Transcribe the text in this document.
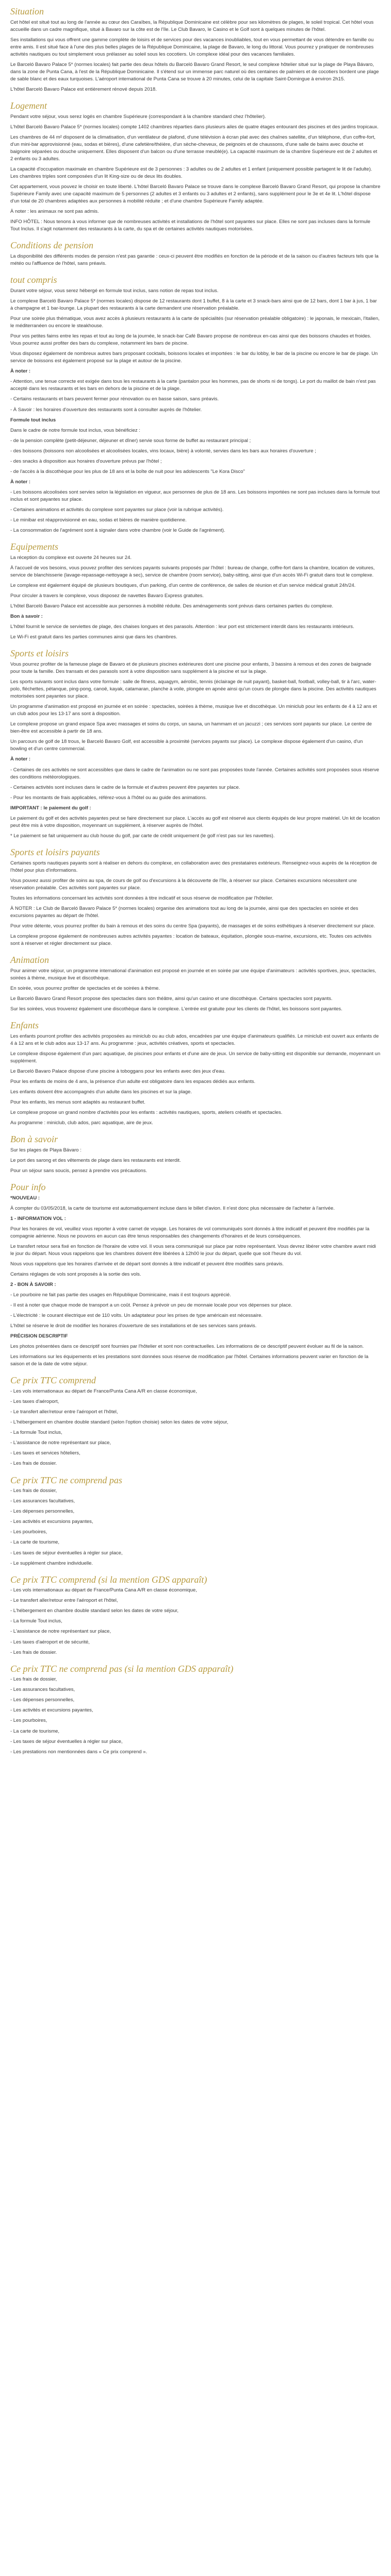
Situation

Cet hôtel est situé tout au long de l'année au cœur des Caraïbes, la République Dominicaine est célèbre pour ses kilomètres de plages, le soleil tropical. Cet hôtel vous accueille dans un cadre magnifique, situé à Bavaro sur la côte est de l'île. Le Club Bavaro, le Casino et le Golf sont à quelques minutes de l'hôtel.

Ses installations qui vous offrent une gamme complète de loisirs et de services pour des vacances inoubliables, tout en vous permettant de vous détendre en famille ou entre amis. Il est situé face à l'une des plus belles plages de la République Dominicaine, la plage de Bavaro, le long du littoral. Vous pourrez y pratiquer de nombreuses activités nautiques ou tout simplement vous prélasser au soleil sous les cocotiers. Un complexe idéal pour des vacances familiales.

Le Barceló Bavaro Palace 5* (normes locales) fait partie des deux hôtels du Barceló Bavaro Grand Resort, le seul complexe hôtelier situé sur la plage de Playa Bávaro, dans la zone de Punta Cana, à l'est de la République Dominicaine. Il s'étend sur un immense parc naturel où des centaines de palmiers et de cocotiers bordent une plage de sable blanc et des eaux turquoises. L'aéroport international de Punta Cana se trouve à 20 minutes, celui de la capitale Saint-Domingue à environ 2h15.

L'hôtel Barceló Bavaro Palace est entièrement rénové depuis 2018.

Logement

Pendant votre séjour, vous serez logés en chambre Supérieure (correspondant à la chambre standard chez l'hôtelier).

L'hôtel Barceló Bavaro Palace 5* (normes locales) compte 1402 chambres réparties dans plusieurs ailes de quatre étages entourant des piscines et des jardins tropicaux.

Les chambres de 44 m² disposent de la climatisation, d'un ventilateur de plafond, d'une télévision à écran plat avec des chaînes satellite, d'un téléphone, d'un coffre-fort, d'un mini-bar approvisionné (eau, sodas et bières), d'une cafetière/théière, d'un sèche-cheveux, de peignoirs et de chaussons, d'une salle de bains avec douche et baignoire séparées ou douche uniquement. Elles disposent d'un balcon ou d'une terrasse meublé(e). La capacité maximum de la chambre Supérieure est de 2 adultes et 2 enfants ou 3 adultes.

La capacité d'occupation maximale en chambre Supérieure est de 3 personnes : 3 adultes ou de 2 adultes et 1 enfant (uniquement possible partagent le lit de l'adulte). Les chambres triples sont composées d'un lit King-size ou de deux lits doubles.

Cet appartement, vous pouvez le choisir en toute liberté. L'hôtel Barceló Bavaro Palace se trouve dans le complexe Barceló Bavaro Grand Resort, qui propose la chambre Supérieure Family avec une capacité maximum de 5 personnes (2 adultes et 3 enfants ou 3 adultes et 2 enfants), sans supplément pour le 3e et 4e lit. L'hôtel dispose d'un total de 20 chambres adaptées aux personnes à mobilité réduite ; et d'une chambre Supérieure Family adaptée.

À noter : les animaux ne sont pas admis.

INFO HÔTEL : Nous tenons à vous informer que de nombreuses activités et installations de l'hôtel sont payantes sur place. Elles ne sont pas incluses dans la formule Tout Inclus. Il s'agit notamment des restaurants à la carte, du spa et de certaines activités nautiques motorisées.

Conditions de pension

La disponibilité des différents modes de pension n'est pas garantie : ceux-ci peuvent être modifiés en fonction de la période et de la saison ou d'autres facteurs tels que la météo ou l'affluence de l'hôtel, sans préavis.

tout compris

Durant votre séjour, vous serez hébergé en formule tout inclus, sans notion de repas tout inclus.

Le complexe Barceló Bavaro Palace 5* (normes locales) dispose de 12 restaurants dont 1 buffet, 8 à la carte et 3 snack-bars ainsi que de 12 bars, dont 1 bar à jus, 1 bar à champagne et 1 bar-lounge. La plupart des restaurants à la carte demandent une réservation préalable.

Pour une soirée plus thématique, vous avez accès à plusieurs restaurants à la carte de spécialités (sur réservation préalable obligatoire) : le japonais, le mexicain, l'italien, le méditerranéen ou encore le steakhouse.

Pour vos petites faims entre les repas et tout au long de la journée, le snack-bar Café Bavaro propose de nombreux en-cas ainsi que des boissons chaudes et froides. Vous pourrez aussi profiter des bars du complexe, notamment les bars de piscine.

Vous disposez également de nombreux autres bars proposant cocktails, boissons locales et importées : le bar du lobby, le bar de la piscine ou encore le bar de plage. Un service de boissons est également proposé sur la plage et autour de la piscine.

À noter :

- Attention, une tenue correcte est exigée dans tous les restaurants à la carte (pantalon pour les hommes, pas de shorts ni de tongs). Le port du maillot de bain n'est pas accepté dans les restaurants et les bars en dehors de la piscine et de la plage.

- Certains restaurants et bars peuvent fermer pour rénovation ou en basse saison, sans préavis.

- À Savoir : les horaires d'ouverture des restaurants sont à consulter auprès de l'hôtelier.

Formule tout inclus

Dans le cadre de notre formule tout inclus, vous bénéficiez :

- de la pension complète (petit-déjeuner, déjeuner et dîner) servie sous forme de buffet au restaurant principal ;

- des boissons (boissons non alcoolisées et alcoolisées locales, vins locaux, bière) à volonté, servies dans les bars aux horaires d'ouverture ;

- des snacks à disposition aux horaires d'ouverture prévus par l'hôtel ;

- de l'accès à la discothèque pour les plus de 18 ans et la boîte de nuit pour les adolescents "Le Kora Disco"

À noter :

- Les boissons alcoolisées sont servies selon la législation en vigueur, aux personnes de plus de 18 ans. Les boissons importées ne sont pas incluses dans la formule tout inclus et sont payantes sur place.

- Certaines animations et activités du complexe sont payantes sur place (voir la rubrique activités).

- Le minibar est réapprovisionné en eau, sodas et bières de manière quotidienne.

- La consommation de l'agrément sont à signaler dans votre chambre (voir le Guide de l'agrément).

Equipements

La réception du complexe est ouverte 24 heures sur 24.

À l'accueil de vos besoins, vous pouvez profiter des services payants suivants proposés par l'hôtel : bureau de change, coffre-fort dans la chambre, location de voitures, service de blanchisserie (lavage-repassage-nettoyage à sec), service de chambre (room service), baby-sitting, ainsi que d'un accès Wi-Fi gratuit dans tout le complexe.

Le complexe est également équipé de plusieurs boutiques, d'un parking, d'un centre de conférence, de salles de réunion et d'un service médical gratuit 24h/24.

Pour circuler à travers le complexe, vous disposez de navettes Bavaro Express gratuites.

L'hôtel Barceló Bavaro Palace est accessible aux personnes à mobilité réduite. Des aménagements sont prévus dans certaines parties du complexe.

Bon à savoir :

L'hôtel fournit le service de serviettes de plage, des chaises longues et des parasols. Attention : leur port est strictement interdit dans les restaurants intérieurs.

Le Wi-Fi est gratuit dans les parties communes ainsi que dans les chambres.

Sports et loisirs

Vous pourrez profiter de la fameuse plage de Bavaro et de plusieurs piscines extérieures dont une piscine pour enfants, 3 bassins à remous et des zones de baignade pour toute la famille. Des transats et des parasols sont à votre disposition sans supplément à la piscine et sur la plage.

Les sports suivants sont inclus dans votre formule : salle de fitness, aquagym, aérobic, tennis (éclairage de nuit payant), basket-ball, football, volley-ball, tir à l'arc, water-polo, fléchettes, pétanque, ping-pong, canoë, kayak, catamaran, planche à voile, plongée en apnée ainsi qu'un cours de plongée dans la piscine. Des activités nautiques motorisées sont payantes sur place.

Un programme d'animation est proposé en journée et en soirée : spectacles, soirées à thème, musique live et discothèque. Un miniclub pour les enfants de 4 à 12 ans et un club ados pour les 13-17 ans sont à disposition.

Le complexe propose un grand espace Spa avec massages et soins du corps, un sauna, un hammam et un jacuzzi ; ces services sont payants sur place. Le centre de bien-être est accessible à partir de 18 ans.

Un parcours de golf de 18 trous, le Barceló Bavaro Golf, est accessible à proximité (services payants sur place). Le complexe dispose également d'un casino, d'un bowling et d'un centre commercial.

À noter :

- Certaines de ces activités ne sont accessibles que dans le cadre de l'animation ou ne sont pas proposées toute l'année. Certaines activités sont proposées sous réserve des conditions météorologiques.

- Certaines activités sont incluses dans le cadre de la formule et d'autres peuvent être payantes sur place.

- Pour les montants de frais applicables, référez-vous à l'hôtel ou au guide des animations.

IMPORTANT : le paiement du golf :

Le paiement du golf et des activités payantes peut se faire directement sur place. L'accès au golf est réservé aux clients équipés de leur propre matériel. Un kit de location peut être mis à votre disposition, moyennant un supplément, à réserver auprès de l'hôtel.

* Le paiement se fait uniquement au club house du golf, par carte de crédit uniquement (le golf n'est pas sur les navettes).

Sports et loisirs payants

Certaines sports nautiques payants sont à réaliser en dehors du complexe, en collaboration avec des prestataires extérieurs. Renseignez-vous auprès de la réception de l'hôtel pour plus d'informations.

Vous pouvez aussi profiter de soins au spa, de cours de golf ou d'excursions à la découverte de l'île, à réserver sur place. Certaines excursions nécessitent une réservation préalable. Ces activités sont payantes sur place.

Toutes les informations concernant les activités sont données à titre indicatif et sous réserve de modification par l'hôtelier.

À NOTER : Le Club de Barceló Bavaro Palace 5* (normes locales) organise des animations tout au long de la journée, ainsi que des spectacles en soirée et des excursions payantes au départ de l'hôtel.

Pour votre détente, vous pourrez profiter du bain à remous et des soins du centre Spa (payants), de massages et de soins esthétiques à réserver directement sur place.

La complexe propose également de nombreuses autres activités payantes : location de bateaux, équitation, plongée sous-marine, excursions, etc. Toutes ces activités sont à réserver et régler directement sur place.

Animation

Pour animer votre séjour, un programme international d'animation est proposé en journée et en soirée par une équipe d'animateurs : activités sportives, jeux, spectacles, soirées à thème, musique live et discothèque.

En soirée, vous pourrez profiter de spectacles et de soirées à thème.

Le Barceló Bavaro Grand Resort propose des spectacles dans son théâtre, ainsi qu'un casino et une discothèque. Certains spectacles sont payants.

Sur les soirées, vous trouverez également une discothèque dans le complexe. L'entrée est gratuite pour les clients de l'hôtel, les boissons sont payantes.

Enfants

Les enfants pourront profiter des activités proposées au miniclub ou au club ados, encadrées par une équipe d'animateurs qualifiés. Le miniclub est ouvert aux enfants de 4 à 12 ans et le club ados aux 13-17 ans. Au programme : jeux, activités créatives, sports et spectacles.

Le complexe dispose également d'un parc aquatique, de piscines pour enfants et d'une aire de jeux. Un service de baby-sitting est disponible sur demande, moyennant un supplément.

Le Barceló Bavaro Palace dispose d'une piscine à toboggans pour les enfants avec des jeux d'eau.

Pour les enfants de moins de 4 ans, la présence d'un adulte est obligatoire dans les espaces dédiés aux enfants.

Les enfants doivent être accompagnés d'un adulte dans les piscines et sur la plage.

Pour les enfants, les menus sont adaptés au restaurant buffet.

Le complexe propose un grand nombre d'activités pour les enfants : activités nautiques, sports, ateliers créatifs et spectacles.

Au programme : miniclub, club ados, parc aquatique, aire de jeux.

Bon à savoir

Sur les plages de Playa Bávaro :

Le port des sarong et des vêtements de plage dans les restaurants est interdit.

Pour un séjour sans soucis, pensez à prendre vos précautions.

Pour info

*NOUVEAU :

À compter du 03/05/2018, la carte de tourisme est automatiquement incluse dans le billet d'avion. Il n'est donc plus nécessaire de l'acheter à l'arrivée.

1 - INFORMATION VOL :

Pour les horaires de vol, veuillez vous reporter à votre carnet de voyage. Les horaires de vol communiqués sont donnés à titre indicatif et peuvent être modifiés par la compagnie aérienne. Nous ne pouvons en aucun cas être tenus responsables des changements d'horaires et de leurs conséquences.

Le transfert retour sera fixé en fonction de l'horaire de votre vol. Il vous sera communiqué sur place par notre représentant. Vous devrez libérer votre chambre avant midi le jour du départ. Nous vous rappelons que les chambres doivent être libérées à 12h00 le jour du départ, quelle que soit l'heure du vol.

Nous vous rappelons que les horaires d'arrivée et de départ sont donnés à titre indicatif et peuvent être modifiés sans préavis.

Certains réglages de vols sont proposés à la sortie des vols.

2 - BON À SAVOIR :

- Le pourboire ne fait pas partie des usages en République Dominicaine, mais il est toujours apprécié.

- Il est à noter que chaque mode de transport a un coût. Pensez à prévoir un peu de monnaie locale pour vos dépenses sur place.

- L'électricité : le courant électrique est de 110 volts. Un adaptateur pour les prises de type américain est nécessaire.

L'hôtel se réserve le droit de modifier les horaires d'ouverture de ses installations et de ses services sans préavis.

PRÉCISION DESCRIPTIF

Les photos présentées dans ce descriptif sont fournies par l'hôtelier et sont non contractuelles. Les informations de ce descriptif peuvent évoluer au fil de la saison.

Les informations sur les équipements et les prestations sont données sous réserve de modification par l'hôtel. Certaines informations peuvent varier en fonction de la saison et de la date de votre séjour.

Ce prix TTC comprend

- Les vols internationaux au départ de France/Punta Cana A/R en classe économique,

- Les taxes d'aéroport,

- Le transfert aller/retour entre l'aéroport et l'hôtel,

- L'hébergement en chambre double standard (selon l'option choisie) selon les dates de votre séjour,

- La formule Tout inclus,

- L'assistance de notre représentant sur place,

- Les taxes et services hôteliers,

- Les frais de dossier.

Ce prix TTC ne comprend pas

- Les frais de dossier,

- Les assurances facultatives,

- Les dépenses personnelles,

- Les activités et excursions payantes,

- Les pourboires,

- La carte de tourisme,

- Les taxes de séjour éventuelles à régler sur place,

- Le supplément chambre individuelle.

Ce prix TTC comprend (si la mention GDS apparaît)

- Les vols internationaux au départ de France/Punta Cana A/R en classe économique,

- Le transfert aller/retour entre l'aéroport et l'hôtel,

- L'hébergement en chambre double standard selon les dates de votre séjour,

- La formule Tout inclus,

- L'assistance de notre représentant sur place,

- Les taxes d'aéroport et de sécurité,

- Les frais de dossier.

Ce prix TTC ne comprend pas (si la mention GDS apparaît)

- Les frais de dossier,

- Les assurances facultatives,

- Les dépenses personnelles,

- Les activités et excursions payantes,

- Les pourboires,

- La carte de tourisme,

- Les taxes de séjour éventuelles à régler sur place,

- Les prestations non mentionnées dans « Ce prix comprend ».
